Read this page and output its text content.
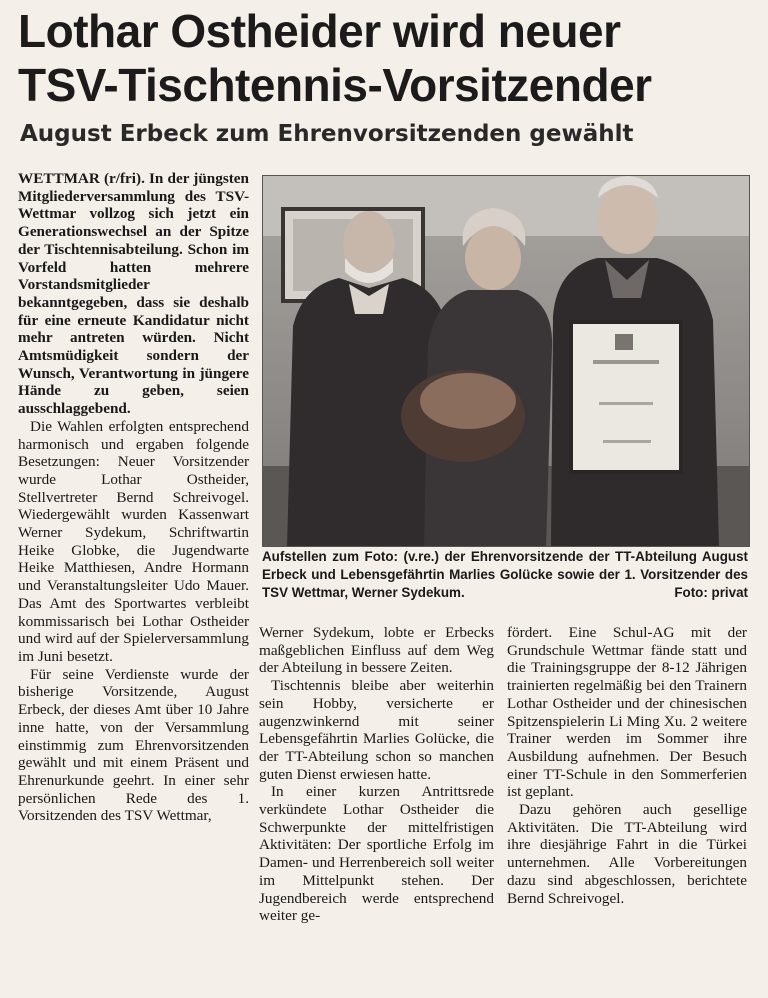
Lothar Ostheider wird neuer
TSV-Tischtennis-Vorsitzender
August Erbeck zum Ehrenvorsitzenden gewählt

WETTMAR (r/fri). In der jüngsten Mitgliederversammlung des TSV-Wettmar vollzog sich jetzt ein Generationswechsel an der Spitze der Tischtennisabteilung. Schon im Vorfeld hatten mehrere Vorstandsmitglieder bekanntgegeben, dass sie deshalb für eine erneute Kandidatur nicht mehr antreten würden. Nicht Amtsmüdigkeit sondern der Wunsch, Verantwortung in jüngere Hände zu geben, seien ausschlaggebend.

Die Wahlen erfolgten entsprechend harmonisch und ergaben folgende Besetzungen: Neuer Vorsitzender wurde Lothar Ostheider, Stellvertreter Bernd Schreivogel. Wiedergewählt wurden Kassenwart Werner Sydekum, Schriftwartin Heike Globke, die Jugendwarte Heike Matthiesen, Andre Hormann und Veranstaltungsleiter Udo Mauer. Das Amt des Sportwartes verbleibt kommissarisch bei Lothar Ostheider und wird auf der Spielerversammlung im Juni besetzt.

Für seine Verdienste wurde der bisherige Vorsitzende, August Erbeck, der dieses Amt über 10 Jahre inne hatte, von der Versammlung einstimmig zum Ehrenvorsitzenden gewählt und mit einem Präsent und Ehrenurkunde geehrt. In einer sehr persönlichen Rede des 1. Vorsitzenden des TSV Wettmar,

Aufstellen zum Foto: (v.re.) der Ehrenvorsitzende der TT-Abteilung August Erbeck und Lebensgefährtin Marlies Golücke sowie der 1. Vorsitzender des TSV Wettmar, Werner Sydekum.	Foto: privat

Werner Sydekum, lobte er Erbecks maßgeblichen Einfluss auf dem Weg der Abteilung in bessere Zeiten.

Tischtennis bleibe aber weiterhin sein Hobby, versicherte er augenzwinkernd mit seiner Lebensgefährtin Marlies Golücke, die der TT-Abteilung schon so manchen guten Dienst erwiesen hatte.

In einer kurzen Antrittsrede verkündete Lothar Ostheider die Schwerpunkte der mittelfristigen Aktivitäten: Der sportliche Erfolg im Damen- und Herrenbereich soll weiter im Mittelpunkt stehen. Der Jugendbereich werde entsprechend weiter ge-

fördert. Eine Schul-AG mit der Grundschule Wettmar fände statt und die Trainingsgruppe der 8-12 Jährigen trainierten regelmäßig bei den Trainern Lothar Ostheider und der chinesischen Spitzenspielerin Li Ming Xu. 2 weitere Trainer werden im Sommer ihre Ausbildung aufnehmen. Der Besuch einer TT-Schule in den Sommerferien ist geplant.

Dazu gehören auch gesellige Aktivitäten. Die TT-Abteilung wird ihre diesjährige Fahrt in die Türkei unternehmen. Alle Vorbereitungen dazu sind abgeschlossen, berichtete Bernd Schreivogel.
